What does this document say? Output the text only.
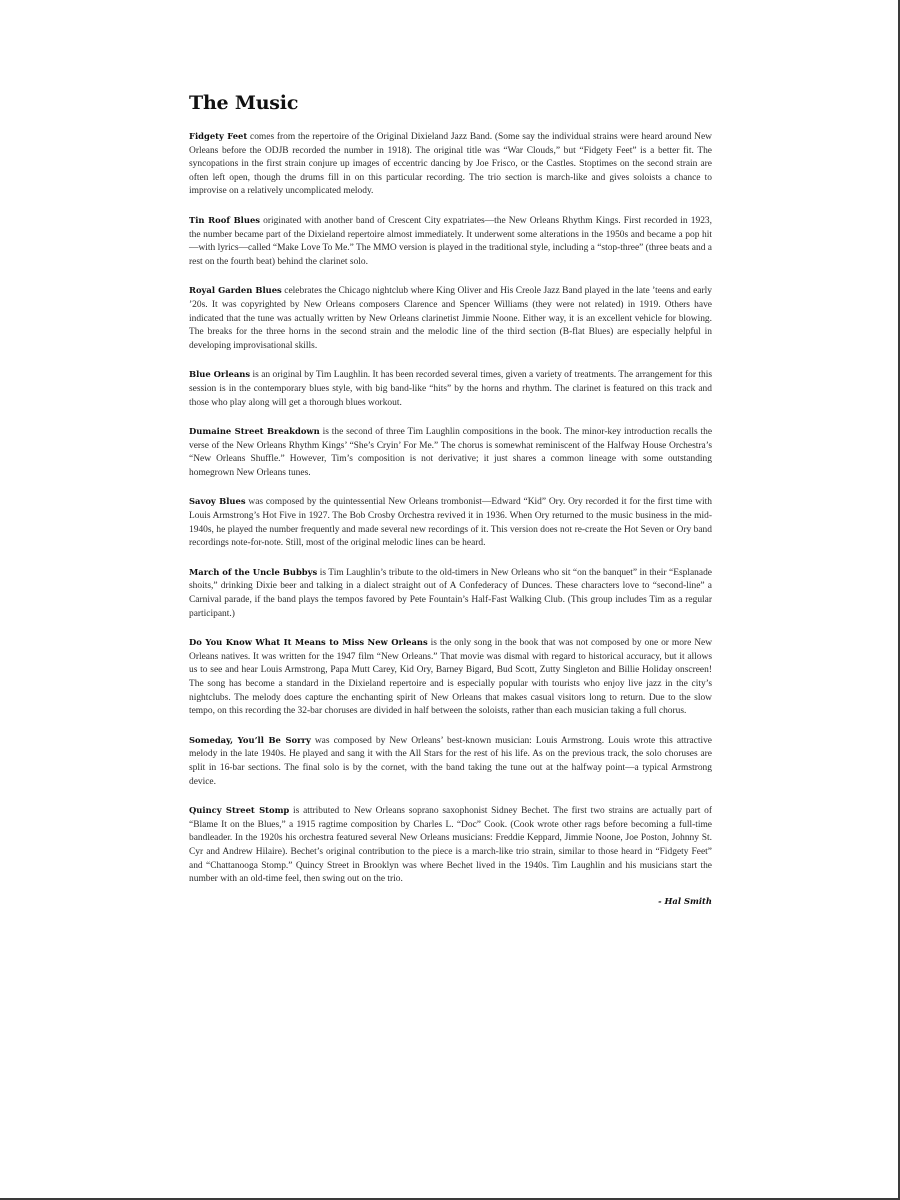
The Music

Fidgety Feet comes from the repertoire of the Original Dixieland Jazz Band. (Some say the individual strains were heard around New Orleans before the ODJB recorded the number in 1918). The original title was “War Clouds,” but “Fidgety Feet” is a better fit. The syncopations in the first strain conjure up images of eccentric dancing by Joe Frisco, or the Castles. Stoptimes on the second strain are often left open, though the drums fill in on this particular recording. The trio section is march-like and gives soloists a chance to improvise on a relatively uncomplicated melody.

Tin Roof Blues originated with another band of Crescent City expatriates—the New Orleans Rhythm Kings. First recorded in 1923, the number became part of the Dixieland repertoire almost immediately. It underwent some alterations in the 1950s and became a pop hit—with lyrics—called “Make Love To Me.” The MMO version is played in the traditional style, including a “stop-three” (three beats and a rest on the fourth beat) behind the clarinet solo.

Royal Garden Blues celebrates the Chicago nightclub where King Oliver and His Creole Jazz Band played in the late ’teens and early ’20s. It was copyrighted by New Orleans composers Clarence and Spencer Williams (they were not related) in 1919. Others have indicated that the tune was actually written by New Orleans clarinetist Jimmie Noone. Either way, it is an excellent vehicle for blowing. The breaks for the three horns in the second strain and the melodic line of the third section (B-flat Blues) are especially helpful in developing improvisational skills.

Blue Orleans is an original by Tim Laughlin. It has been recorded several times, given a variety of treatments. The arrangement for this session is in the contemporary blues style, with big band-like “hits” by the horns and rhythm. The clarinet is featured on this track and those who play along will get a thorough blues workout.

Dumaine Street Breakdown is the second of three Tim Laughlin compositions in the book. The minor-key introduction recalls the verse of the New Orleans Rhythm Kings’ “She’s Cryin’ For Me.” The chorus is somewhat reminiscent of the Halfway House Orchestra’s “New Orleans Shuffle.” However, Tim’s composition is not derivative; it just shares a common lineage with some outstanding homegrown New Orleans tunes.

Savoy Blues was composed by the quintessential New Orleans trombonist—Edward “Kid” Ory. Ory recorded it for the first time with Louis Armstrong’s Hot Five in 1927. The Bob Crosby Orchestra revived it in 1936. When Ory returned to the music business in the mid-1940s, he played the number frequently and made several new recordings of it. This version does not re-create the Hot Seven or Ory band recordings note-for-note. Still, most of the original melodic lines can be heard.

March of the Uncle Bubbys is Tim Laughlin’s tribute to the old-timers in New Orleans who sit “on the banquet” in their “Esplanade shoits,” drinking Dixie beer and talking in a dialect straight out of A Confederacy of Dunces. These characters love to “second-line” a Carnival parade, if the band plays the tempos favored by Pete Fountain’s Half-Fast Walking Club. (This group includes Tim as a regular participant.)

Do You Know What It Means to Miss New Orleans is the only song in the book that was not composed by one or more New Orleans natives. It was written for the 1947 film “New Orleans.” That movie was dismal with regard to historical accuracy, but it allows us to see and hear Louis Armstrong, Papa Mutt Carey, Kid Ory, Barney Bigard, Bud Scott, Zutty Singleton and Billie Holiday onscreen! The song has become a standard in the Dixieland repertoire and is especially popular with tourists who enjoy live jazz in the city’s nightclubs. The melody does capture the enchanting spirit of New Orleans that makes casual visitors long to return. Due to the slow tempo, on this recording the 32-bar choruses are divided in half between the soloists, rather than each musician taking a full chorus.

Someday, You’ll Be Sorry was composed by New Orleans’ best-known musician: Louis Armstrong. Louis wrote this attractive melody in the late 1940s. He played and sang it with the All Stars for the rest of his life. As on the previous track, the solo choruses are split in 16-bar sections. The final solo is by the cornet, with the band taking the tune out at the halfway point—a typical Armstrong device.

Quincy Street Stomp is attributed to New Orleans soprano saxophonist Sidney Bechet. The first two strains are actually part of “Blame It on the Blues,” a 1915 ragtime composition by Charles L. “Doc” Cook. (Cook wrote other rags before becoming a full-time bandleader. In the 1920s his orchestra featured several New Orleans musicians: Freddie Keppard, Jimmie Noone, Joe Poston, Johnny St. Cyr and Andrew Hilaire). Bechet’s original contribution to the piece is a march-like trio strain, similar to those heard in “Fidgety Feet” and “Chattanooga Stomp.” Quincy Street in Brooklyn was where Bechet lived in the 1940s. Tim Laughlin and his musicians start the number with an old-time feel, then swing out on the trio.

- Hal Smith
